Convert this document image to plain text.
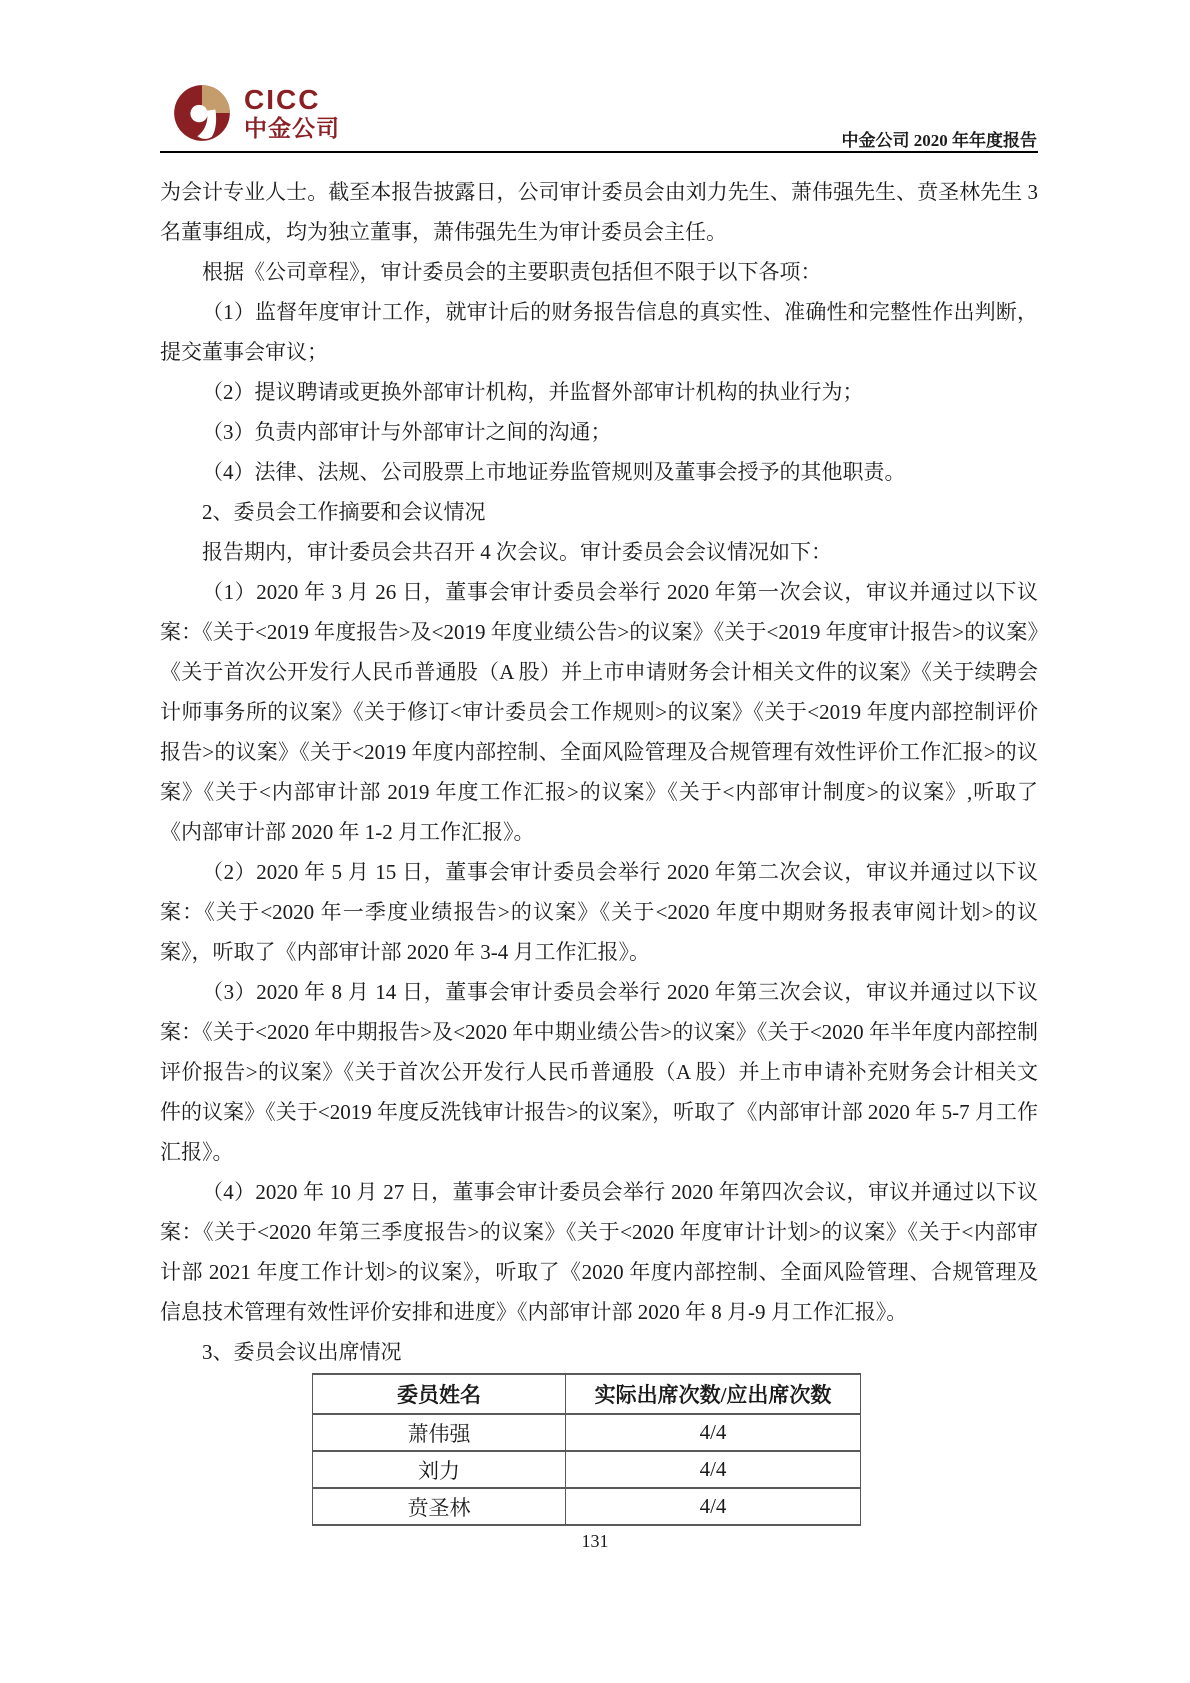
CICC
中金公司	中金公司 2020 年年度报告

为会计专业人士。截至本报告披露日，公司审计委员会由刘力先生、萧伟强先生、贲圣林先生 3 名董事组成，均为独立董事，萧伟强先生为审计委员会主任。

根据《公司章程》，审计委员会的主要职责包括但不限于以下各项：

（1）监督年度审计工作，就审计后的财务报告信息的真实性、准确性和完整性作出判断，提交董事会审议；

（2）提议聘请或更换外部审计机构，并监督外部审计机构的执业行为；

（3）负责内部审计与外部审计之间的沟通；

（4）法律、法规、公司股票上市地证券监管规则及董事会授予的其他职责。

2、委员会工作摘要和会议情况

报告期内，审计委员会共召开 4 次会议。审计委员会会议情况如下：

（1）2020 年 3 月 26 日，董事会审计委员会举行 2020 年第一次会议，审议并通过以下议案：《关于<2019 年度报告>及<2019 年度业绩公告>的议案》《关于<2019 年度审计报告>的议案》《关于首次公开发行人民币普通股（A 股）并上市申请财务会计相关文件的议案》《关于续聘会计师事务所的议案》《关于修订<审计委员会工作规则>的议案》《关于<2019 年度内部控制评价报告>的议案》《关于<2019 年度内部控制、全面风险管理及合规管理有效性评价工作汇报>的议案》《关于<内部审计部 2019 年度工作汇报>的议案》《关于<内部审计制度>的议案》,听取了《内部审计部 2020 年 1-2 月工作汇报》。

（2）2020 年 5 月 15 日，董事会审计委员会举行 2020 年第二次会议，审议并通过以下议案：《关于<2020 年一季度业绩报告>的议案》《关于<2020 年度中期财务报表审阅计划>的议案》，听取了《内部审计部 2020 年 3-4 月工作汇报》。

（3）2020 年 8 月 14 日，董事会审计委员会举行 2020 年第三次会议，审议并通过以下议案：《关于<2020 年中期报告>及<2020 年中期业绩公告>的议案》《关于<2020 年半年度内部控制评价报告>的议案》《关于首次公开发行人民币普通股（A 股）并上市申请补充财务会计相关文件的议案》《关于<2019 年度反洗钱审计报告>的议案》，听取了《内部审计部 2020 年 5-7 月工作汇报》。

（4）2020 年 10 月 27 日，董事会审计委员会举行 2020 年第四次会议，审议并通过以下议案：《关于<2020 年第三季度报告>的议案》《关于<2020 年度审计计划>的议案》《关于<内部审计部 2021 年度工作计划>的议案》，听取了《2020 年度内部控制、全面风险管理、合规管理及信息技术管理有效性评价安排和进度》《内部审计部 2020 年 8 月-9 月工作汇报》。

3、委员会议出席情况

委员姓名	实际出席次数/应出席次数
萧伟强	4/4
刘力	4/4
贲圣林	4/4
131
